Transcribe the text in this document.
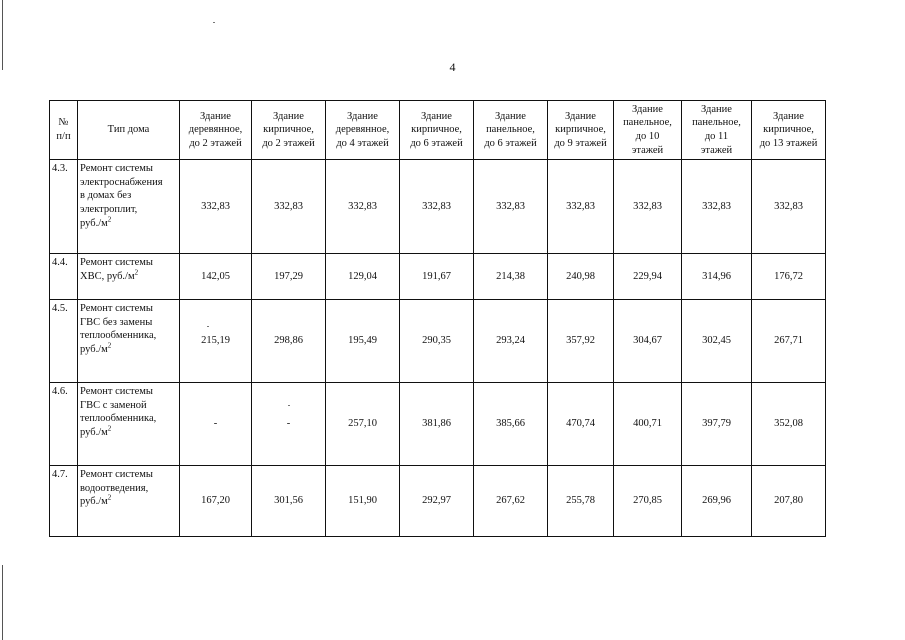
4
№
п/п	Тип дома	Здание
деревянное,
до 2 этажей	Здание
кирпичное,
до 2 этажей	Здание
деревянное,
до 4 этажей	Здание
кирпичное,
до 6 этажей	Здание
панельное,
до 6 этажей	Здание
кирпичное,
до 9 этажей	Здание
панельное,
до 10
этажей	Здание
панельное,
до 11
этажей	Здание
кирпичное,
до 13 этажей

4.3.	Ремонт системы
электроснабжения
в домах без
электроплит,
$руб./м^2$	332,83	332,83	332,83	332,83	332,83	332,83	332,83	332,83	332,83
4.4.	Ремонт системы
ХВС, $руб./м^2$	142,05	197,29	129,04	191,67	214,38	240,98	229,94	314,96	176,72
4.5.	Ремонт системы
ГВС без замены
теплообменника,
$руб./м^2$	215,19	298,86	195,49	290,35	293,24	357,92	304,67	302,45	267,71
4.6.	Ремонт системы
ГВС с заменой
теплообменника,
$руб./м^2$	-	-	257,10	381,86	385,66	470,74	400,71	397,79	352,08
4.7.	Ремонт системы
водоотведения,
$руб./м^2$	167,20	301,56	151,90	292,97	267,62	255,78	270,85	269,96	207,80
